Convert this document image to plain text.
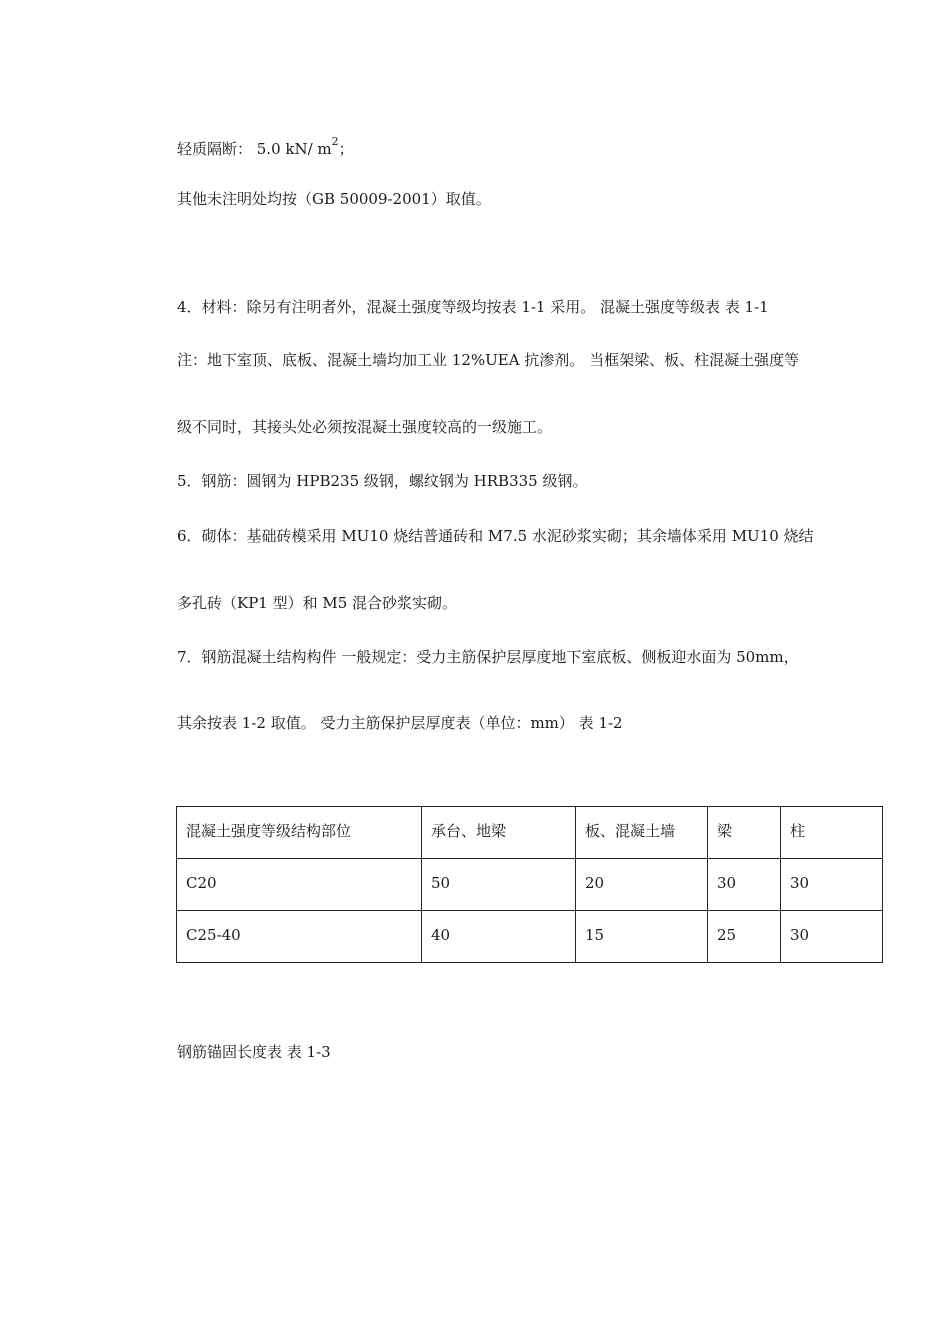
轻质隔断： 5.0 kN/ $m^2$；
其他未注明处均按（GB 50009-2001）取值。
4．材料：除另有注明者外，混凝土强度等级均按表 1-1 采用。 混凝土强度等级表 表 1-1
注：地下室顶、底板、混凝土墙均加工业 12%UEA 抗渗剂。 当框架梁、板、柱混凝土强度等
级不同时，其接头处必须按混凝土强度较高的一级施工。
5．钢筋：圆钢为 HPB235 级钢，螺纹钢为 HRB335 级钢。
6．砌体：基础砖模采用 MU10 烧结普通砖和 M7.5 水泥砂浆实砌；其余墙体采用 MU10 烧结
多孔砖（KP1 型）和 M5 混合砂浆实砌。
7．钢筋混凝土结构构件 一般规定：受力主筋保护层厚度地下室底板、侧板迎水面为 50mm，
其余按表 1-2 取值。 受力主筋保护层厚度表（单位：mm） 表 1-2
混凝土强度等级结构部位	承台、地梁	板、混凝土墙	梁	柱
C20	50	20	30	30
C25-40	40	15	25	30
钢筋锚固长度表 表 1-3
